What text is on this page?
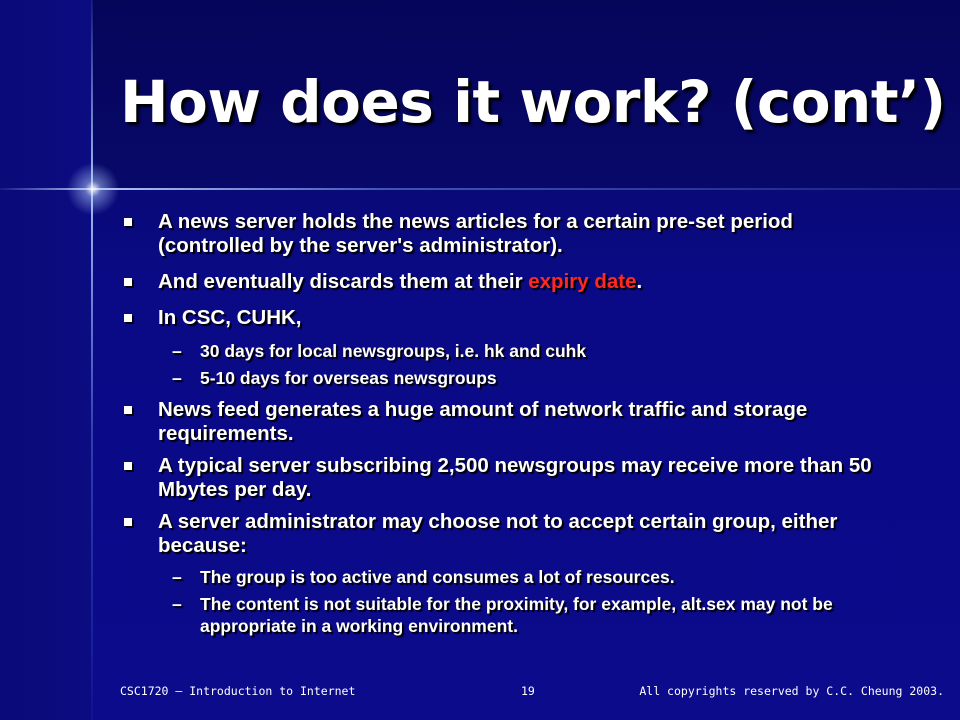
How does it work? (cont’)
A news server holds the news articles for a certain pre-set period (controlled by the server's administrator).
And eventually discards them at their expiry date.
In CSC, CUHK,
– 30 days for local newsgroups, i.e. hk and cuhk
– 5-10 days for overseas newsgroups
News feed generates a huge amount of network traffic and storage requirements.
A typical server subscribing 2,500 newsgroups may receive more than 50 Mbytes per day.
A server administrator may choose not to accept certain group, either because:
– The group is too active and consumes a lot of resources.
– The content is not suitable for the proximity, for example, alt.sex may not be appropriate in a working environment.
CSC1720 – Introduction to Internet	19	All copyrights reserved by C.C. Cheung 2003.
